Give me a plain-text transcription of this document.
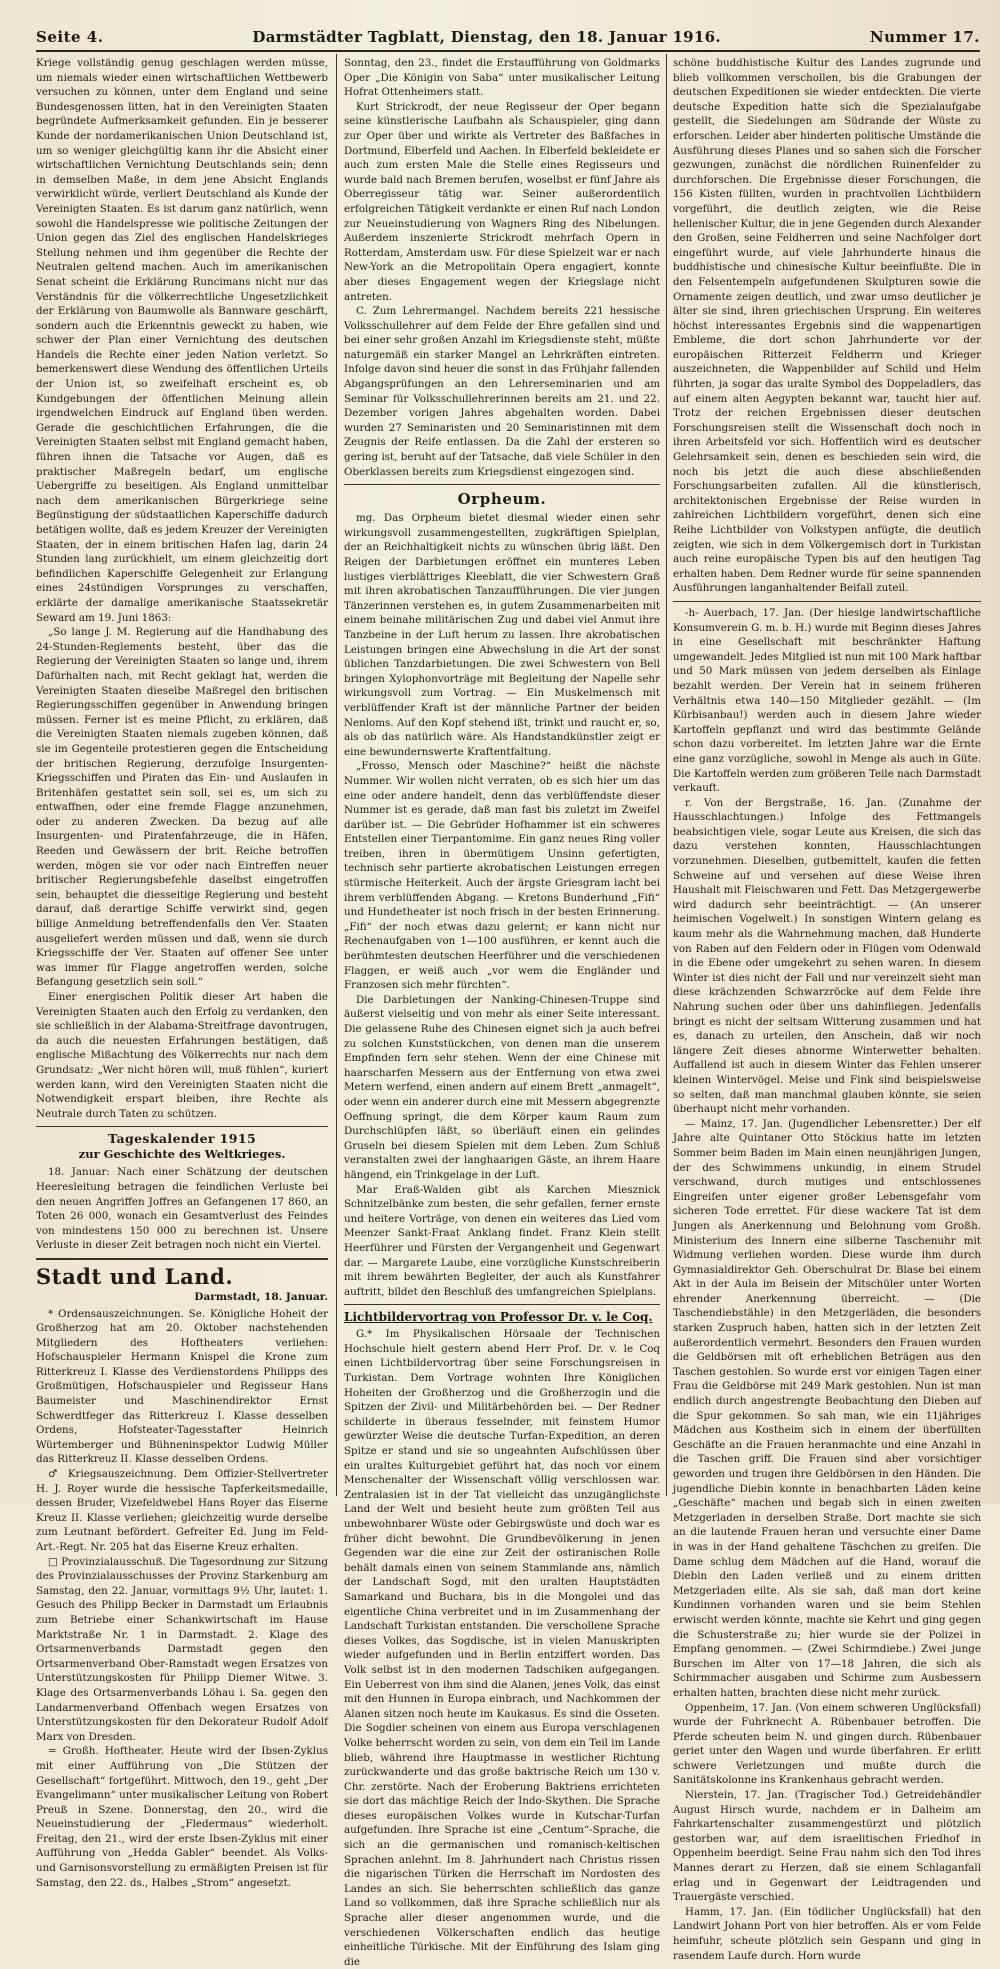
Seite 4.	Darmstädter Tagblatt, Dienstag, den 18. Januar 1916.	Nummer 17.

Kriege vollständig genug geschlagen werden müsse, um niemals wieder einen wirtschaftlichen Wettbewerb versuchen zu können, unter dem England und seine Bundesgenossen litten, hat in den Vereinigten Staaten begründete Aufmerksamkeit gefunden. Ein je besserer Kunde der nordamerikanischen Union Deutschland ist, um so weniger gleichgültig kann ihr die Absicht einer wirtschaftlichen Vernichtung Deutschlands sein; denn in demselben Maße, in dem jene Absicht Englands verwirklicht würde, verliert Deutschland als Kunde der Vereinigten Staaten. Es ist darum ganz natürlich, wenn sowohl die Handelspresse wie politische Zeitungen der Union gegen das Ziel des englischen Handelskrieges Stellung nehmen und ihm gegenüber die Rechte der Neutralen geltend machen. Auch im amerikanischen Senat scheint die Erklärung Runcimans nicht nur das Verständnis für die völkerrechtliche Ungesetzlichkeit der Erklärung von Baumwolle als Bannware geschärft, sondern auch die Erkenntnis geweckt zu haben, wie schwer der Plan einer Vernichtung des deutschen Handels die Rechte einer jeden Nation verletzt. So bemerkenswert diese Wendung des öffentlichen Urteils der Union ist, so zweifelhaft erscheint es, ob Kundgebungen der öffentlichen Meinung allein irgendwelchen Eindruck auf England üben werden. Gerade die geschichtlichen Erfahrungen, die die Vereinigten Staaten selbst mit England gemacht haben, führen ihnen die Tatsache vor Augen, daß es praktischer Maßregeln bedarf, um englische Uebergriffe zu beseitigen. Als England unmittelbar nach dem amerikanischen Bürgerkriege seine Begünstigung der südstaatlichen Kaperschiffe dadurch betätigen wollte, daß es jedem Kreuzer der Vereinigten Staaten, der in einem britischen Hafen lag, darin 24 Stunden lang zurückhielt, um einem gleichzeitig dort befindlichen Kaperschiffe Gelegenheit zur Erlangung eines 24stündigen Vorsprunges zu verschaffen, erklärte der damalige amerikanische Staatssekretär Seward am 19. Juni 1863:

„So lange J. M. Regierung auf die Handhabung des 24-Stunden-Reglements besteht, über das die Regierung der Vereinigten Staaten so lange und, ihrem Dafürhalten nach, mit Recht geklagt hat, werden die Vereinigten Staaten dieselbe Maßregel den britischen Regierungsschiffen gegenüber in Anwendung bringen müssen. Ferner ist es meine Pflicht, zu erklären, daß die Vereinigten Staaten niemals zugeben können, daß sie im Gegenteile protestieren gegen die Entscheidung der britischen Regierung, derzufolge Insurgenten-Kriegsschiffen und Piraten das Ein- und Auslaufen in Britenhäfen gestattet sein soll, sei es, um sich zu entwaffnen, oder eine fremde Flagge anzunehmen, oder zu anderen Zwecken. Da bezug auf alle Insurgenten- und Piratenfahrzeuge, die in Häfen, Reeden und Gewässern der brit. Reiche betroffen werden, mögen sie vor oder nach Eintreffen neuer britischer Regierungsbefehle daselbst eingetroffen sein, behauptet die diesseitige Regierung und besteht darauf, daß derartige Schiffe verwirkt sind, gegen billige Anmeldung betreffendenfalls den Ver. Staaten ausgeliefert werden müssen und daß, wenn sie durch Kriegsschiffe der Ver. Staaten auf offener See unter was immer für Flagge angetroffen werden, solche Befangung gesetzlich sein soll.“

Einer energischen Politik dieser Art haben die Vereinigten Staaten auch den Erfolg zu verdanken, den sie schließlich in der Alabama-Streitfrage davontrugen, da auch die neuesten Erfahrungen bestätigen, daß englische Mißachtung des Völkerrechts nur nach dem Grundsatz: „Wer nicht hören will, muß fühlen“, kuriert werden kann, wird den Vereinigten Staaten nicht die Notwendigkeit erspart bleiben, ihre Rechte als Neutrale durch Taten zu schützen.

Tageskalender 1915
zur Geschichte des Weltkrieges.

18. Januar: Nach einer Schätzung der deutschen Heeresleitung betragen die feindlichen Verluste bei den neuen Angriffen Joffres an Gefangenen 17 860, an Toten 26 000, wonach ein Gesamtverlust des Feindes von mindestens 150 000 zu berechnen ist. Unsere Verluste in dieser Zeit betragen noch nicht ein Viertel.

Stadt und Land.
Darmstadt, 18. Januar.

* Ordensauszeichnungen. Se. Königliche Hoheit der Großherzog hat am 20. Oktober nachstehenden Mitgliedern des Hoftheaters verliehen: Hofschauspieler Hermann Knispel die Krone zum Ritterkreuz I. Klasse des Verdienstordens Philipps des Großmütigen, Hofschauspieler und Regisseur Hans Baumeister und Maschinendirektor Ernst Schwerdtfeger das Ritterkreuz I. Klasse desselben Ordens, Hofsteater-Tagesstafter Heinrich Würtemberger und Bühneninspektor Ludwig Müller das Ritterkreuz II. Klasse desselben Ordens.

♂ Kriegsauszeichnung. Dem Offizier-Stellvertreter H. J. Royer wurde die hessische Tapferkeitsmedaille, dessen Bruder, Vizefeldwebel Hans Royer das Eiserne Kreuz II. Klasse verliehen; gleichzeitig wurde derselbe zum Leutnant befördert. Gefreiter Ed. Jung im Feld-Art.-Regt. Nr. 205 hat das Eiserne Kreuz erhalten.

□ Provinzialausschuß. Die Tagesordnung zur Sitzung des Provinzialausschusses der Provinz Starkenburg am Samstag, den 22. Januar, vormittags 9½ Uhr, lautet: 1. Gesuch des Philipp Becker in Darmstadt um Erlaubnis zum Betriebe einer Schankwirtschaft im Hause Marktstraße Nr. 1 in Darmstadt. 2. Klage des Ortsarmenverbands Darmstadt gegen den Ortsarmenverband Ober-Ramstadt wegen Ersatzes von Unterstützungskosten für Philipp Diemer Witwe. 3. Klage des Ortsarmenverbands Löhau i. Sa. gegen den Landarmenverband Offenbach wegen Ersatzes von Unterstützungskosten für den Dekorateur Rudolf Adolf Marx von Dresden.

= Großh. Hoftheater. Heute wird der Ibsen-Zyklus mit einer Aufführung von „Die Stützen der Gesellschaft“ fortgeführt. Mittwoch, den 19., geht „Der Evangelimann“ unter musikalischer Leitung von Robert Preuß in Szene. Donnerstag, den 20., wird die Neueinstudierung der „Fledermaus“ wiederholt. Freitag, den 21., wird der erste Ibsen-Zyklus mit einer Aufführung von „Hedda Gabler“ beendet. Als Volks- und Garnisonsvorstellung zu ermäßigten Preisen ist für Samstag, den 22. ds., Halbes „Strom“ angesetzt.

Sonntag, den 23., findet die Erstaufführung von Goldmarks Oper „Die Königin von Saba“ unter musikalischer Leitung Hofrat Ottenheimers statt.

Kurt Strickrodt, der neue Regisseur der Oper begann seine künstlerische Laufbahn als Schauspieler, ging dann zur Oper über und wirkte als Vertreter des Baßfaches in Dortmund, Elberfeld und Aachen. In Elberfeld bekleidete er auch zum ersten Male die Stelle eines Regisseurs und wurde bald nach Bremen berufen, woselbst er fünf Jahre als Oberregisseur tätig war. Seiner außerordentlich erfolgreichen Tätigkeit verdankte er einen Ruf nach London zur Neueinstudierung von Wagners Ring des Nibelungen. Außerdem inszenierte Strickrodt mehrfach Opern in Rotterdam, Amsterdam usw. Für diese Spielzeit war er nach New-York an die Metropolitain Opera engagiert, konnte aber dieses Engagement wegen der Kriegslage nicht antreten.

C. Zum Lehrermangel. Nachdem bereits 221 hessische Volksschullehrer auf dem Felde der Ehre gefallen sind und bei einer sehr großen Anzahl im Kriegsdienste steht, müßte naturgemäß ein starker Mangel an Lehrkräften eintreten. Infolge davon sind heuer die sonst in das Frühjahr fallenden Abgangsprüfungen an den Lehrerseminarien und am Seminar für Volksschullehrerinnen bereits am 21. und 22. Dezember vorigen Jahres abgehalten worden. Dabei wurden 27 Seminaristen und 20 Seminaristinnen mit dem Zeugnis der Reife entlassen. Da die Zahl der ersteren so gering ist, beruht auf der Tatsache, daß viele Schüler in den Oberklassen bereits zum Kriegsdienst eingezogen sind.

Orpheum.

mg. Das Orpheum bietet diesmal wieder einen sehr wirkungsvoll zusammengestellten, zugkräftigen Spielplan, der an Reichhaltigkeit nichts zu wünschen übrig läßt. Den Reigen der Darbietungen eröffnet ein munteres Leben lustiges vierblättriges Kleeblatt, die vier Schwestern Graß mit ihren akrobatischen Tanzaufführungen. Die vier jungen Tänzerinnen verstehen es, in gutem Zusammenarbeiten mit einem beinahe militärischen Zug und dabei viel Anmut ihre Tanzbeine in der Luft herum zu lassen. Ihre akrobatischen Leistungen bringen eine Abwechslung in die Art der sonst üblichen Tanzdarbietungen. Die zwei Schwestern von Bell bringen Xylophonvorträge mit Begleitung der Napelle sehr wirkungsvoll zum Vortrag. — Ein Muskelmensch mit verblüffender Kraft ist der männliche Partner der beiden Nenloms. Auf den Kopf stehend ißt, trinkt und raucht er, so, als ob das natürlich wäre. Als Handstandkünstler zeigt er eine bewundernswerte Kraftentfaltung.

„Frosso, Mensch oder Maschine?“ heißt die nächste Nummer. Wir wollen nicht verraten, ob es sich hier um das eine oder andere handelt, denn das verblüffendste dieser Nummer ist es gerade, daß man fast bis zuletzt im Zweifel darüber ist. — Die Gebrüder Hofhammer ist ein schweres Entstellen einer Tierpantomime. Ein ganz neues Ring voller treiben, ihren in übermütigem Unsinn gefertigten, technisch sehr partierte akrobatischen Leistungen erregen stürmische Heiterkeit. Auch der ärgste Griesgram lacht bei ihrem verblüffenden Abgang. — Kretons Bunderhund „Fifi“ und Hundetheater ist noch frisch in der besten Erinnerung. „Fifi“ der noch etwas dazu gelernt; er kann nicht nur Rechenaufgaben von 1—100 ausführen, er kennt auch die berühmtesten deutschen Heerführer und die verschiedenen Flaggen, er weiß auch „vor wem die Engländer und Franzosen sich mehr fürchten“.

Die Darbietungen der Nanking-Chinesen-Truppe sind äußerst vielseitig und von mehr als einer Seite interessant. Die gelassene Ruhe des Chinesen eignet sich ja auch befrei zu solchen Kunststückchen, von denen man die unserem Empfinden fern sehr stehen. Wenn der eine Chinese mit haarscharfen Messern aus der Entfernung von etwa zwei Metern werfend, einen andern auf einem Brett „anmagelt“, oder wenn ein anderer durch eine mit Messern abgegrenzte Oeffnung springt, die dem Körper kaum Raum zum Durchschlüpfen läßt, so überläuft einen ein gelindes Gruseln bei diesem Spielen mit dem Leben. Zum Schluß veranstalten zwei der langhaarigen Gäste, an ihrem Haare hängend, ein Trinkgelage in der Luft.

Mar Eraß-Walden gibt als Karchen Miesznick Schnitzelbänke zum besten, die sehr gefallen, ferner ernste und heitere Vorträge, von denen ein weiteres das Lied vom Meenzer Sankt-Fraat Anklang findet. Franz Klein stellt Heerführer und Fürsten der Vergangenheit und Gegenwart dar. — Margarete Laube, eine vorzügliche Kunstschreiberin mit ihrem bewährten Begleiter, der auch als Kunstfahrer auftritt, bildet den Beschluß des umfangreichen Spielplans.

Lichtbildervortrag von Professor Dr. v. le Coq.

G.* Im Physikalischen Hörsaale der Technischen Hochschule hielt gestern abend Herr Prof. Dr. v. le Coq einen Lichtbildervortrag über seine Forschungsreisen in Turkistan. Dem Vortrage wohnten Ihre Königlichen Hoheiten der Großherzog und die Großherzogin und die Spitzen der Zivil- und Militärbehörden bei. — Der Redner schilderte in überaus fesselnder, mit feinstem Humor gewürzter Weise die deutsche Turfan-Expedition, an deren Spitze er stand und sie so ungeahnten Aufschlüssen über ein uraltes Kulturgebiet geführt hat, das noch vor einem Menschenalter der Wissenschaft völlig verschlossen war. Zentralasien ist in der Tat vielleicht das unzugänglichste Land der Welt und besieht heute zum größten Teil aus unbewohnbarer Wüste oder Gebirgswüste und doch war es früher dicht bewohnt. Die Grundbevölkerung in jenen Gegenden war die eine zur Zeit der ostiranischen Rolle behält damals einen von seinem Stammlande ans, nämlich der Landschaft Sogd, mit den uralten Hauptstädten Samarkand und Buchara, bis in die Mongolei und das eigentliche China verbreitet und in im Zusammenhang der Landschaft Turkistan entstanden. Die verschollene Sprache dieses Volkes, das Sogdische, ist in vielen Manuskripten wieder aufgefunden und in Berlin entziffert worden. Das Volk selbst ist in den modernen Tadschiken aufgegangen. Ein Ueberrest von ihm sind die Alanen, jenes Volk, das einst mit den Hunnen in Europa einbrach, und Nachkommen der Alanen sitzen noch heute im Kaukasus. Es sind die Osseten. Die Sogdier scheinen von einem aus Europa verschlagenen Volke beherrscht worden zu sein, von dem ein Teil im Lande blieb, während ihre Hauptmasse in westlicher Richtung zurückwanderte und das große baktrische Reich um 130 v. Chr. zerstörte. Nach der Eroberung Baktriens errichteten sie dort das mächtige Reich der Indo-Skythen. Die Sprache dieses europäischen Volkes wurde in Kutschar-Turfan aufgefunden. Ihre Sprache ist eine „Centum“-Sprache, die sich an die germanischen und romanisch-keltischen Sprachen anlehnt. Im 8. Jahrhundert nach Christus rissen die nigarischen Türken die Herrschaft im Nordosten des Landes an sich. Sie beherrschten schließlich das ganze Land so vollkommen, daß ihre Sprache schließlich nur als Sprache aller dieser angenommen wurde, und die verschiedenen Völkerschaften endlich das heutige einheitliche Türkische. Mit der Einführung des Islam ging die

schöne buddhistische Kultur des Landes zugrunde und blieb vollkommen verschollen, bis die Grabungen der deutschen Expeditionen sie wieder entdeckten. Die vierte deutsche Expedition hatte sich die Spezialaufgabe gestellt, die Siedelungen am Südrande der Wüste zu erforschen. Leider aber hinderten politische Umstände die Ausführung dieses Planes und so sahen sich die Forscher gezwungen, zunächst die nördlichen Ruinenfelder zu durchforschen. Die Ergebnisse dieser Forschungen, die 156 Kisten füllten, wurden in prachtvollen Lichtbildern vorgeführt, die deutlich zeigten, wie die Reise hellenischer Kultur, die in jene Gegenden durch Alexander den Großen, seine Feldherren und seine Nachfolger dort eingeführt wurde, auf viele Jahrhunderte hinaus die buddhistische und chinesische Kultur beeinflußte. Die in den Felsentempeln aufgefundenen Skulpturen sowie die Ornamente zeigen deutlich, und zwar umso deutlicher je älter sie sind, ihren griechischen Ursprung. Ein weiteres höchst interessantes Ergebnis sind die wappenartigen Embleme, die dort schon Jahrhunderte vor der europäischen Ritterzeit Feldherrn und Krieger auszeichneten, die Wappenbilder auf Schild und Helm führten, ja sogar das uralte Symbol des Doppeladlers, das auf einem alten Aegypten bekannt war, taucht hier auf. Trotz der reichen Ergebnissen dieser deutschen Forschungsreisen stellt die Wissenschaft doch noch in ihren Arbeitsfeld vor sich. Hoffentlich wird es deutscher Gelehrsamkeit sein, denen es beschieden sein wird, die noch bis jetzt die auch diese abschließenden Forschungsarbeiten zufallen. All die künstlerisch, architektonischen Ergebnisse der Reise wurden in zahlreichen Lichtbildern vorgeführt, denen sich eine Reihe Lichtbilder von Volkstypen anfügte, die deutlich zeigten, wie sich in dem Völkergemisch dort in Turkistan auch reine europäische Typen bis auf den heutigen Tag erhalten haben. Dem Redner wurde für seine spannenden Ausführungen langanhaltender Beifall zuteil.

-h- Auerbach, 17. Jan. (Der hiesige landwirtschaftliche Konsumverein G. m. b. H.) wurde mit Beginn dieses Jahres in eine Gesellschaft mit beschränkter Haftung umgewandelt. Jedes Mitglied ist nun mit 100 Mark haftbar und 50 Mark müssen von jedem derselben als Einlage bezahlt werden. Der Verein hat in seinem früheren Verhältnis etwa 140—150 Mitglieder gezählt. — (Im Kürbisanbau!) werden auch in diesem Jahre wieder Kartoffeln gepflanzt und wird das bestimmte Gelände schon dazu vorbereitet. Im letzten Jahre war die Ernte eine ganz vorzügliche, sowohl in Menge als auch in Güte. Die Kartoffeln werden zum größeren Teile nach Darmstadt verkauft.

r. Von der Bergstraße, 16. Jan. (Zunahme der Hausschlachtungen.) Infolge des Fettmangels beabsichtigen viele, sogar Leute aus Kreisen, die sich das dazu verstehen konnten, Hausschlachtungen vorzunehmen. Dieselben, gutbemittelt, kaufen die fetten Schweine auf und versehen auf diese Weise ihren Haushalt mit Fleischwaren und Fett. Das Metzgergewerbe wird dadurch sehr beeinträchtigt. — (An unserer heimischen Vogelwelt.) In sonstigen Wintern gelang es kaum mehr als die Wahrnehmung machen, daß Hunderte von Raben auf den Feldern oder in Flügen vom Odenwald in die Ebene oder umgekehrt zu sehen waren. In diesem Winter ist dies nicht der Fall und nur vereinzelt sieht man diese krächzenden Schwarzröcke auf dem Felde ihre Nahrung suchen oder über uns dahinfliegen. Jedenfalls bringt es nicht der seltsam Witterung zusammen und hat es, danach zu urteilen, den Anschein, daß wir noch längere Zeit dieses abnorme Winterwetter behalten. Auffallend ist auch in diesem Winter das Fehlen unserer kleinen Wintervögel. Meise und Fink sind beispielsweise so selten, daß man manchmal glauben könnte, sie seien überhaupt nicht mehr vorhanden.

— Mainz, 17. Jan. (Jugendlicher Lebensretter.) Der elf Jahre alte Quintaner Otto Stöckius hatte im letzten Sommer beim Baden im Main einen neunjährigen Jungen, der des Schwimmens unkundig, in einem Strudel verschwand, durch mutiges und entschlossenes Eingreifen unter eigener großer Lebensgefahr vom sicheren Tode errettet. Für diese wackere Tat ist dem Jungen als Anerkennung und Belohnung vom Großh. Ministerium des Innern eine silberne Taschenuhr mit Widmung verliehen worden. Diese wurde ihm durch Gymnasialdirektor Geh. Oberschulrat Dr. Blase bei einem Akt in der Aula im Beisein der Mitschüler unter Worten ehrender Anerkennung überreicht. — (Die Taschendiebstähle) in den Metzgerläden, die besonders starken Zuspruch haben, hatten sich in der letzten Zeit außerordentlich vermehrt. Besonders den Frauen wurden die Geldbörsen mit oft erheblichen Beträgen aus den Taschen gestohlen. So wurde erst vor einigen Tagen einer Frau die Geldbörse mit 249 Mark gestohlen. Nun ist man endlich durch angestrengte Beobachtung den Dieben auf die Spur gekommen. So sah man, wie ein 11jähriges Mädchen aus Kostheim sich in einem der überfüllten Geschäfte an die Frauen heranmachte und eine Anzahl in die Taschen griff. Die Frauen sind aber vorsichtiger geworden und trugen ihre Geldbörsen in den Händen. Die jugendliche Diebin konnte in benachbarten Läden keine „Geschäfte“ machen und begab sich in einen zweiten Metzgerladen in derselben Straße. Dort machte sie sich an die lautende Frauen heran und versuchte einer Dame in was in der Hand gehaltene Täschchen zu greifen. Die Dame schlug dem Mädchen auf die Hand, worauf die Diebin den Laden verließ und zu einem dritten Metzgerladen eilte. Als sie sah, daß man dort keine Kundinnen vorhanden waren und sie beim Stehlen erwischt werden könnte, machte sie Kehrt und ging gegen die Schusterstraße zu; hier wurde sie der Polizei in Empfang genommen. — (Zwei Schirmdiebe.) Zwei junge Burschen im Alter von 17—18 Jahren, die sich als Schirmmacher ausgaben und Schirme zum Ausbessern erhalten hatten, brachten diese nicht mehr zurück.

Oppenheim, 17. Jan. (Von einem schweren Unglücksfall) wurde der Fuhrknecht A. Rübenbauer betroffen. Die Pferde scheuten beim N. und gingen durch. Rübenbauer geriet unter den Wagen und wurde überfahren. Er erlitt schwere Verletzungen und mußte durch die Sanitätskolonne ins Krankenhaus gebracht werden.

Nierstein, 17. Jan. (Tragischer Tod.) Getreidehändler August Hirsch wurde, nachdem er in Dalheim am Fahrkartenschalter zusammengestürzt und plötzlich gestorben war, auf dem israelitischen Friedhof in Oppenheim beerdigt. Seine Frau nahm sich den Tod ihres Mannes derart zu Herzen, daß sie einem Schlaganfall erlag und in Gegenwart der Leidtragenden und Trauergäste verschied.

Hamm, 17. Jan. (Ein tödlicher Unglücksfall) hat den Landwirt Johann Port von hier betroffen. Als er vom Felde heimfuhr, scheute plötzlich sein Gespann und ging in rasendem Laufe durch. Horn wurde
